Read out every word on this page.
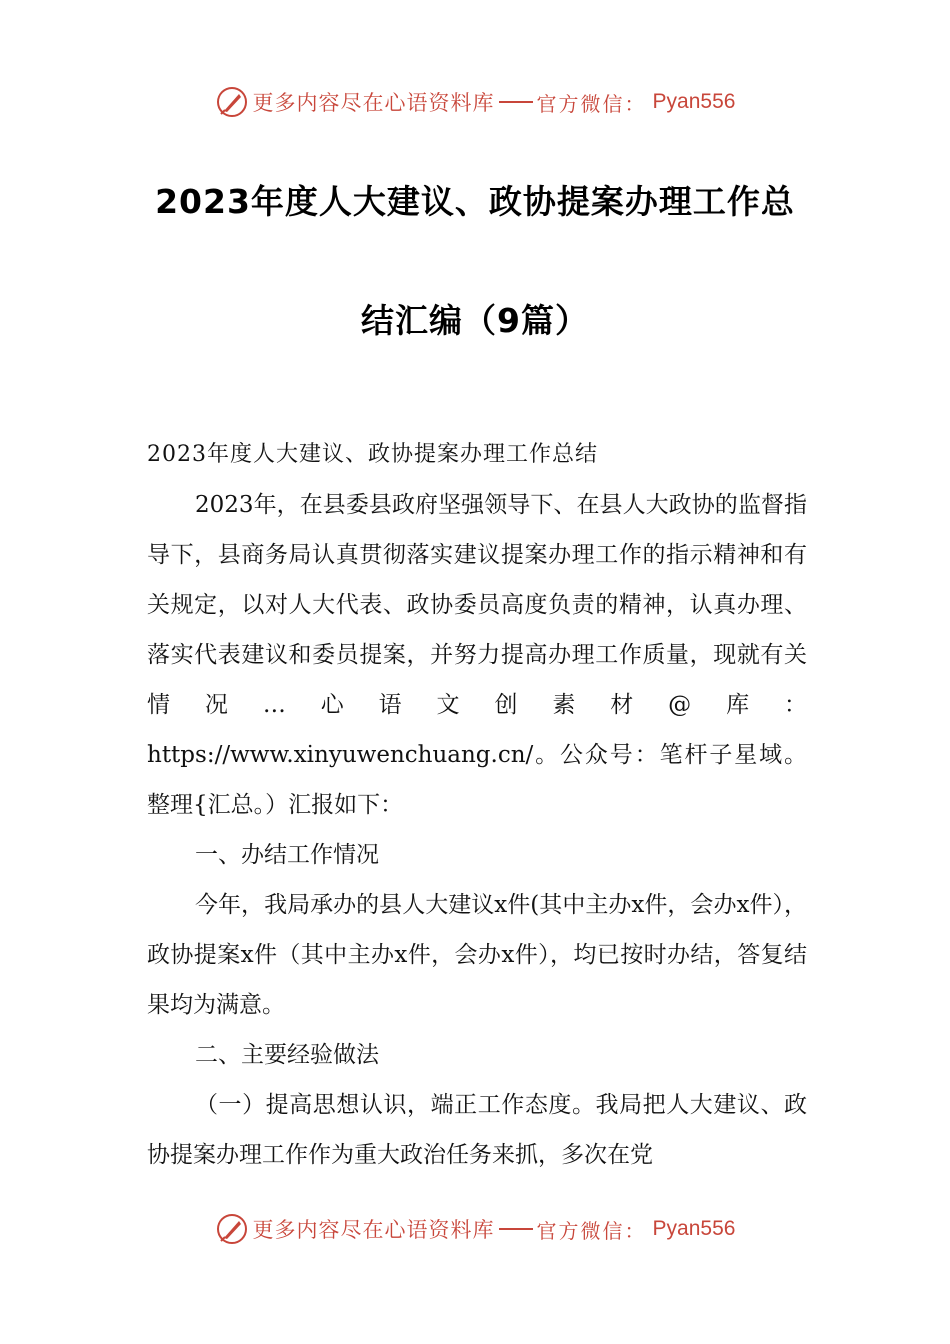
更多内容尽在心语资料库 官方微信： Pyan556
2023年度人大建议、政协提案办理工作总
结汇编（9篇）

2023年度人大建议、政协提案办理工作总结

2023年，在县委县政府坚强领导下、在县人大政协的监督指导下，县商务局认真贯彻落实建议提案办理工作的指示精神和有关规定，以对人大代表、政协委员高度负责的精神，认真办理、落实代表建议和委员提案，并努力提高办理工作质量，现就有关情况…心语文创素材@库：https://www.xinyuwenchuang.cn/。公众号：笔杆子星域。整理{汇总。）汇报如下：

一、办结工作情况

今年，我局承办的县人大建议x件(其中主办x件，会办x件），政协提案x件（其中主办x件，会办x件），均已按时办结，答复结果均为满意。

二、主要经验做法

（一）提高思想认识，端正工作态度。我局把人大建议、政协提案办理工作作为重大政治任务来抓，多次在党

更多内容尽在心语资料库 官方微信： Pyan556
